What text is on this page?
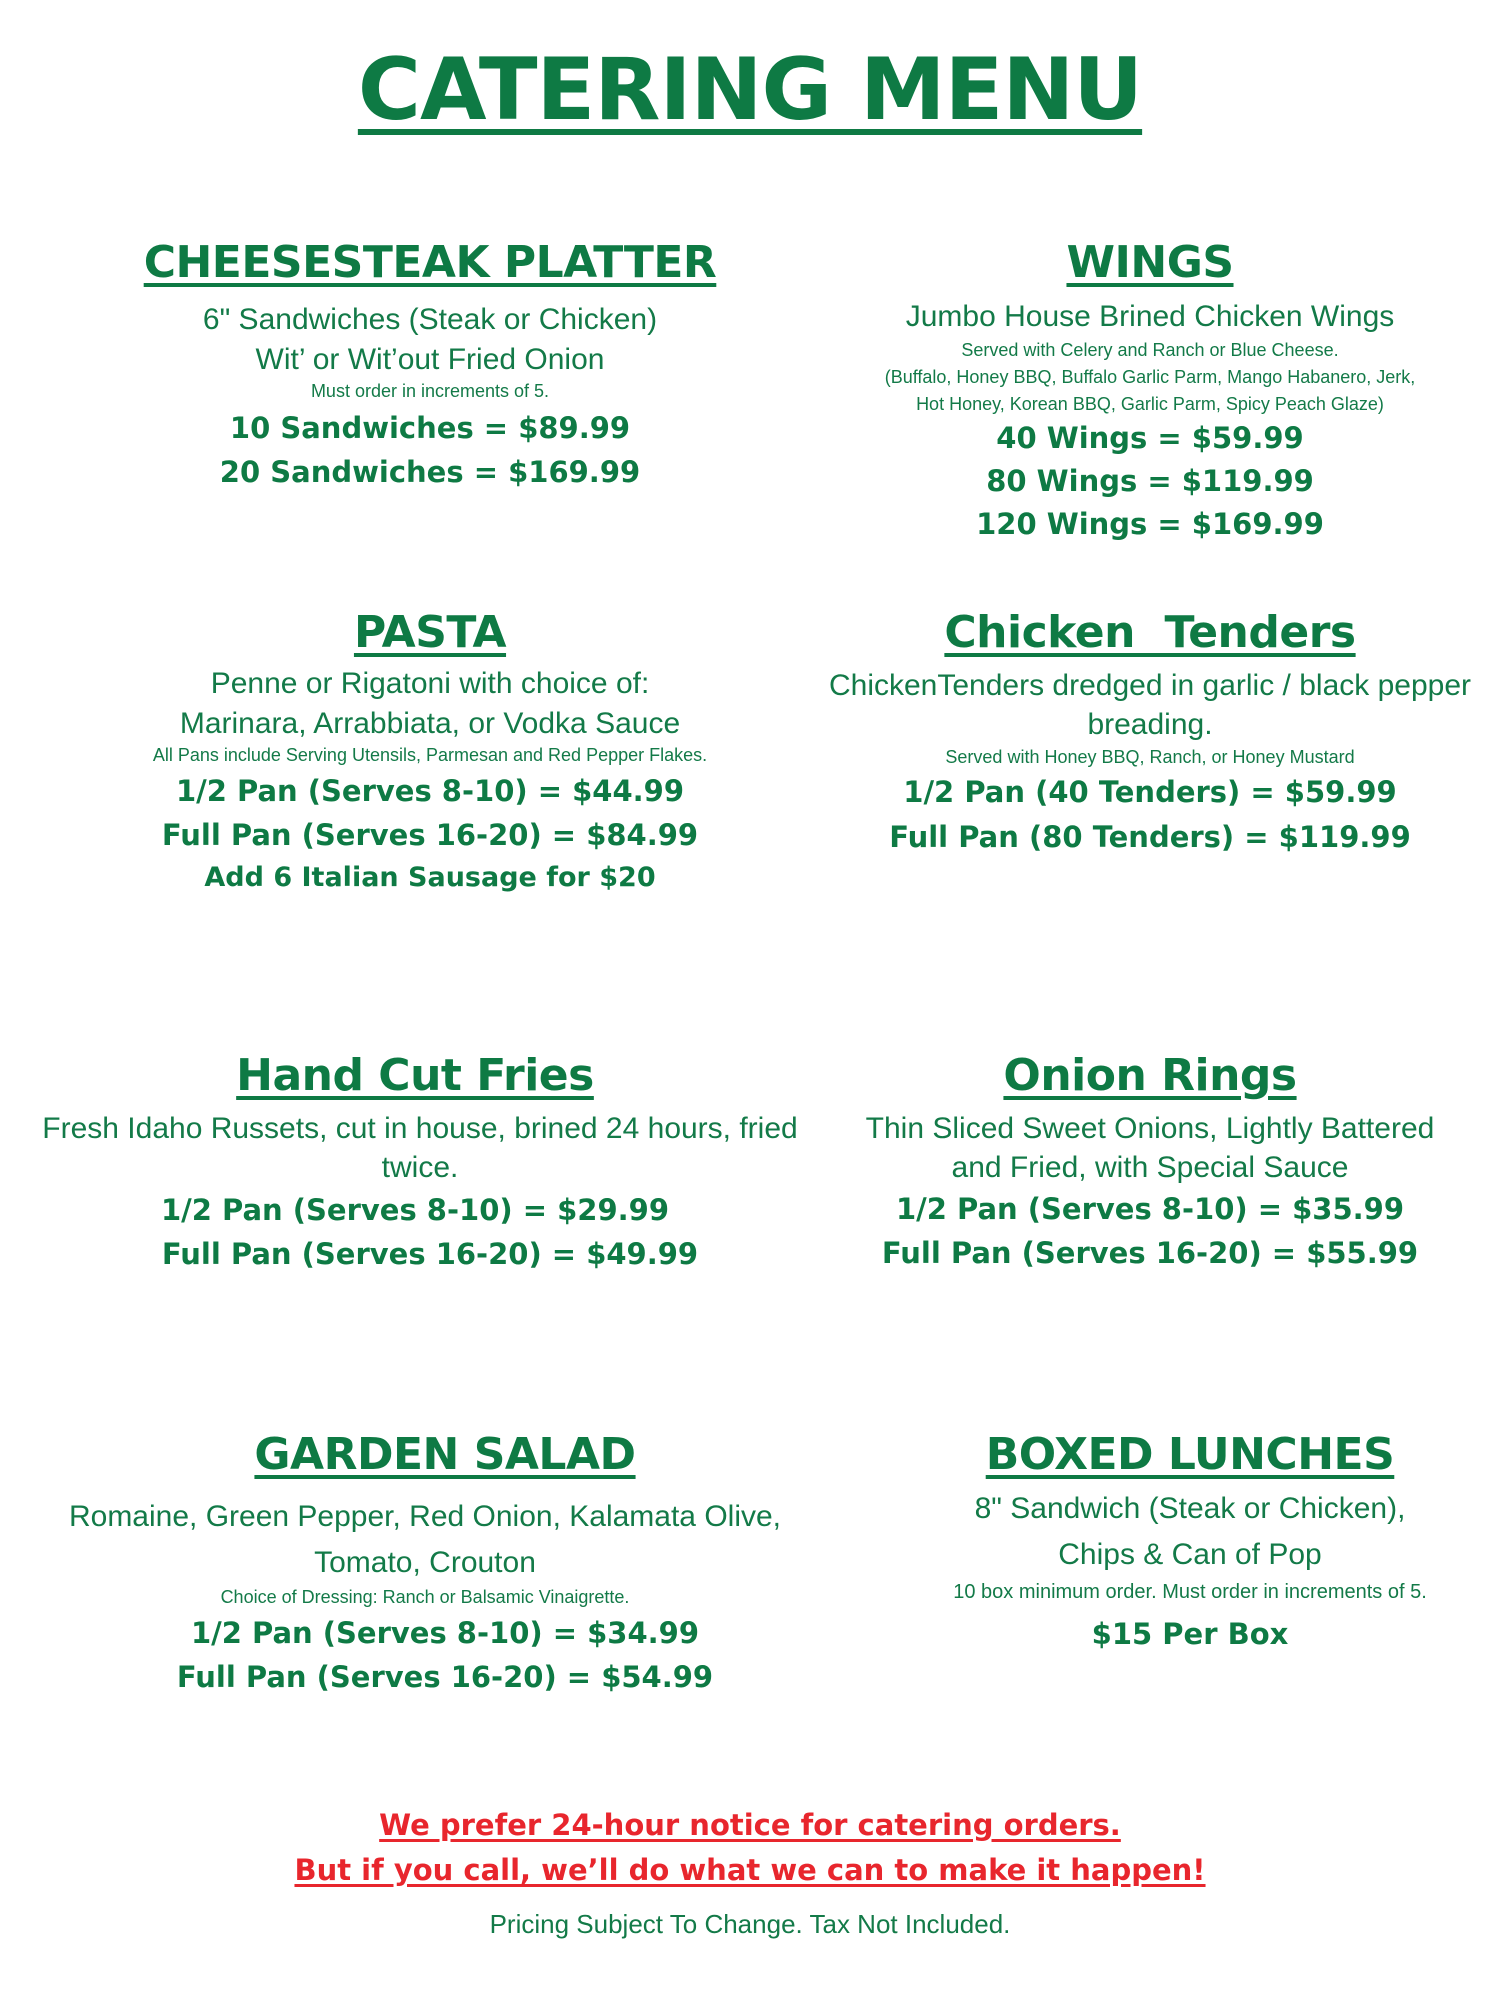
CATERING MENU
CHEESESTEAK PLATTER
6" Sandwiches (Steak or Chicken)
Wit’ or Wit’out Fried Onion
Must order in increments of 5.
10 Sandwiches = $89.99
20 Sandwiches = $169.99
WINGS
Jumbo House Brined Chicken Wings
Served with Celery and Ranch or Blue Cheese.
(Buffalo, Honey BBQ, Buffalo Garlic Parm, Mango Habanero, Jerk,
Hot Honey, Korean BBQ, Garlic Parm, Spicy Peach Glaze)
40 Wings = $59.99
80 Wings = $119.99
120 Wings = $169.99
PASTA
Penne or Rigatoni with choice of:
Marinara, Arrabbiata, or Vodka Sauce
All Pans include Serving Utensils, Parmesan and Red Pepper Flakes.
1/2 Pan (Serves 8-10) = $44.99
Full Pan (Serves 16-20) = $84.99
Add 6 Italian Sausage for $20
Chicken  Tenders
ChickenTenders dredged in garlic / black pepper
breading.
Served with Honey BBQ, Ranch, or Honey Mustard
1/2 Pan (40 Tenders) = $59.99
Full Pan (80 Tenders) = $119.99
Hand Cut Fries
Fresh Idaho Russets, cut in house, brined 24 hours, fried
twice.
1/2 Pan (Serves 8-10) = $29.99
Full Pan (Serves 16-20) = $49.99
Onion Rings
Thin Sliced Sweet Onions, Lightly Battered
and Fried, with Special Sauce
1/2 Pan (Serves 8-10) = $35.99
Full Pan (Serves 16-20) = $55.99
GARDEN SALAD
Romaine, Green Pepper, Red Onion, Kalamata Olive,
Tomato, Crouton
Choice of Dressing: Ranch or Balsamic Vinaigrette.
1/2 Pan (Serves 8-10) = $34.99
Full Pan (Serves 16-20) = $54.99
BOXED LUNCHES
8" Sandwich (Steak or Chicken),
Chips & Can of Pop
10 box minimum order. Must order in increments of 5.
$15 Per Box
We prefer 24-hour notice for catering orders.
But if you call, we’ll do what we can to make it happen!
Pricing Subject To Change. Tax Not Included.
